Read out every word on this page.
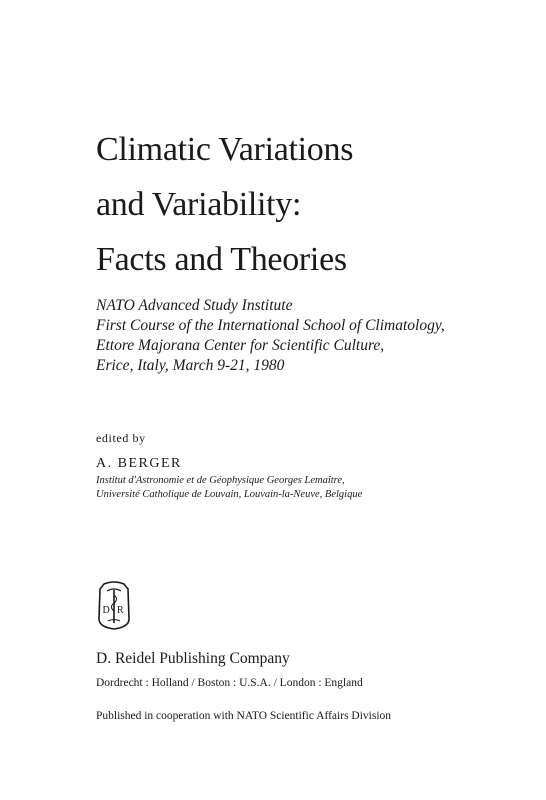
Climatic Variations
and Variability:
Facts and Theories
NATO Advanced Study Institute
First Course of the International School of Climatology,
Ettore Majorana Center for Scientific Culture,
Erice, Italy, March 9-21, 1980
edited by
A. BERGER
Institut d'Astronomie et de Géophysique Georges Lemaître,
Université Catholique de Louvain, Louvain-la-Neuve, Belgique
D R
D. Reidel Publishing Company
Dordrecht : Holland / Boston : U.S.A. / London : England
Published in cooperation with NATO Scientific Affairs Division
